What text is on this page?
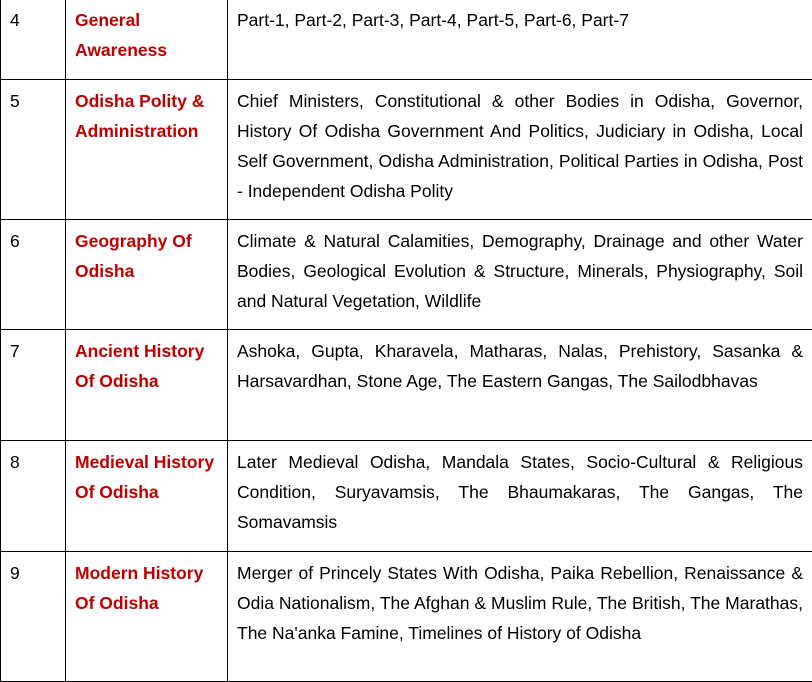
4	General Awareness	Part-1, Part-2, Part-3, Part-4, Part-5, Part-6, Part-7
5	Odisha Polity & Administration	Chief Ministers, Constitutional & other Bodies in Odisha, Governor, History Of Odisha Government And Politics, Judiciary in Odisha, Local Self Government, Odisha Administration, Political Parties in Odisha, Post - Independent Odisha Polity
6	Geography Of Odisha	Climate & Natural Calamities, Demography, Drainage and other Water Bodies, Geological Evolution & Structure, Minerals, Physiography, Soil and Natural Vegetation, Wildlife
7	Ancient History Of Odisha	Ashoka, Gupta, Kharavela, Matharas, Nalas, Prehistory, Sasanka & Harsavardhan, Stone Age, The Eastern Gangas, The Sailodbhavas
8	Medieval History Of Odisha	Later Medieval Odisha, Mandala States, Socio-Cultural & Religious Condition, Suryavamsis, The Bhaumakaras, The Gangas, The Somavamsis
9	Modern History Of Odisha	Merger of Princely States With Odisha, Paika Rebellion, Renaissance & Odia Nationalism, The Afghan & Muslim Rule, The British, The Marathas, The Na'anka Famine, Timelines of History of Odisha
